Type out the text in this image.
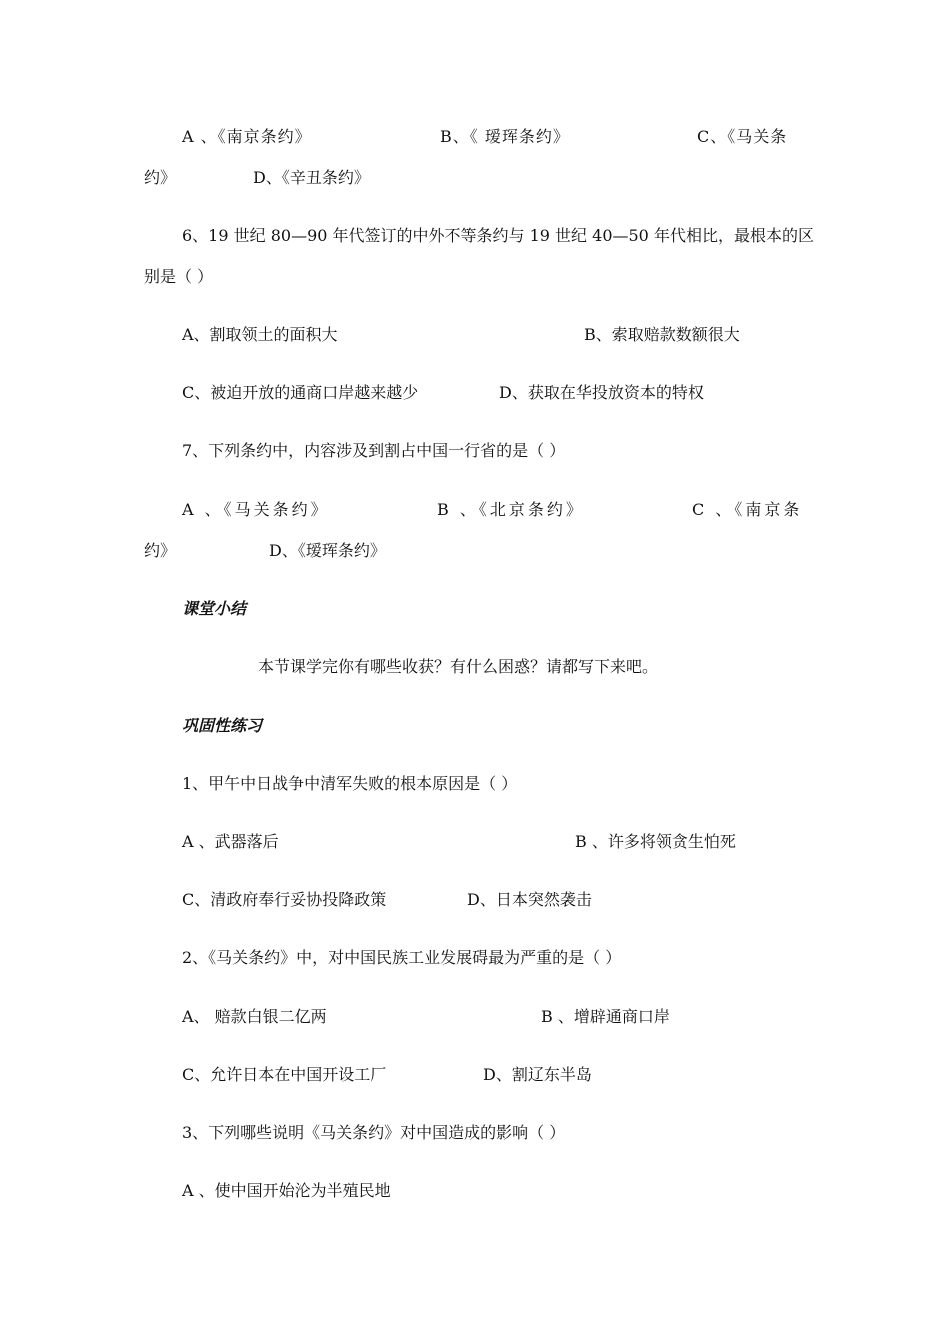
A 、《南京条约》	B、《 瑷珲条约》	C、《马关条
约》	D、《辛丑条约》
6、19 世纪 80—90 年代签订的中外不等条约与 19 世纪 40—50 年代相比，最根本的区
别是（ ）
A、割取领土的面积大	B、索取赔款数额很大
C、被迫开放的通商口岸越来越少	D、获取在华投放资本的特权
7、下列条约中，内容涉及到割占中国一行省的是（ ）
A 、《马关条约》	B 、《北京条约》	C 、《南京条
约》	D、《瑷珲条约》
课堂小结
本节课学完你有哪些收获？有什么困惑？请都写下来吧。
巩固性练习
1、甲午中日战争中清军失败的根本原因是（ ）
A 、武器落后	B 、许多将领贪生怕死
C、清政府奉行妥协投降政策	D、日本突然袭击
2、《马关条约》中，对中国民族工业发展碍最为严重的是（ ）
A、 赔款白银二亿两	B 、增辟通商口岸
C、允许日本在中国开设工厂	D、割辽东半岛
3、下列哪些说明《马关条约》对中国造成的影响（ ）
A 、使中国开始沦为半殖民地
